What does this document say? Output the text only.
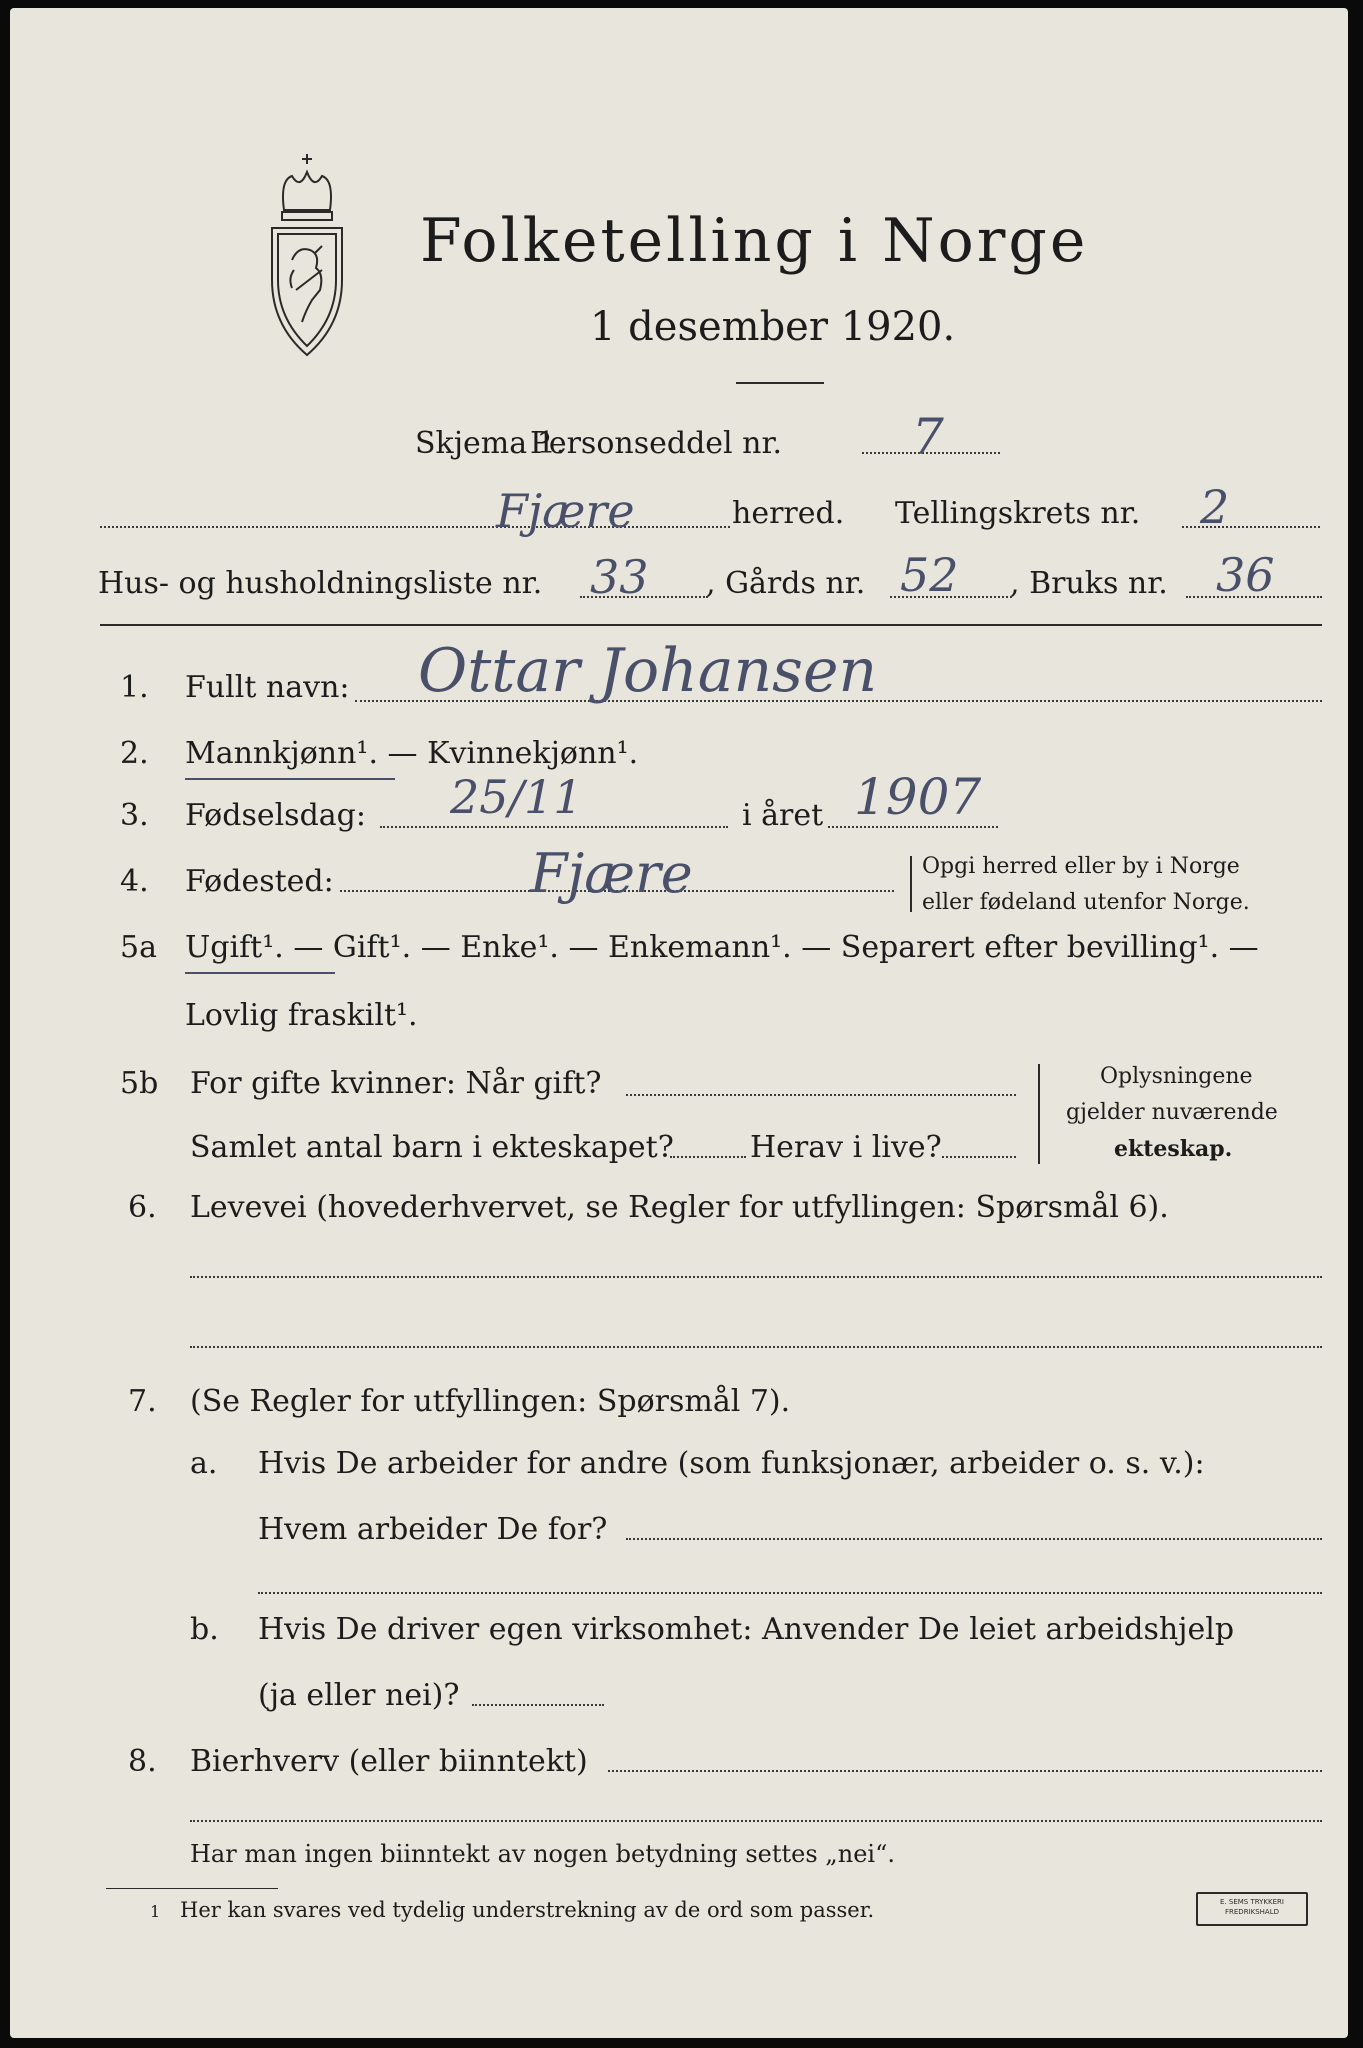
Folketelling i Norge
1 desember 1920.
Skjema 1.
Personseddel nr.	7
Fjære	herred. Tellingskrets nr. 2
Hus- og husholdningsliste nr. 33 , Gårds nr. 52 , Bruks nr. 36
1. Fullt navn: Ottar Johansen
2. Mannkjønn¹. — Kvinnekjønn¹.
3. Fødselsdag: 25/11	i året 1907
4. Fødested:	Fjære	Opgi herred eller by i Norge
eller fødeland utenfor Norge.
5a Ugift¹. — Gift¹. — Enke¹. — Enkemann¹. — Separert efter bevilling¹. —
Lovlig fraskilt¹.
5b For gifte kvinner: Når gift?
Samlet antal barn i ekteskapet?	Herav i live?
Oplysningene
gjelder nuværende
ekteskap.
6. Levevei (hovederhvervet, se Regler for utfyllingen: Spørsmål 6).
7. (Se Regler for utfyllingen: Spørsmål 7).
a. Hvis De arbeider for andre (som funksjonær, arbeider o. s. v.):
Hvem arbeider De for?
b. Hvis De driver egen virksomhet: Anvender De leiet arbeidshjelp
(ja eller nei)?
8. Bierhverv (eller biinntekt)
Har man ingen biinntekt av nogen betydning settes „nei“.
1 Her kan svares ved tydelig understrekning av de ord som passer.	E. SEMS TRYKKERI FREDRIKSHALD
